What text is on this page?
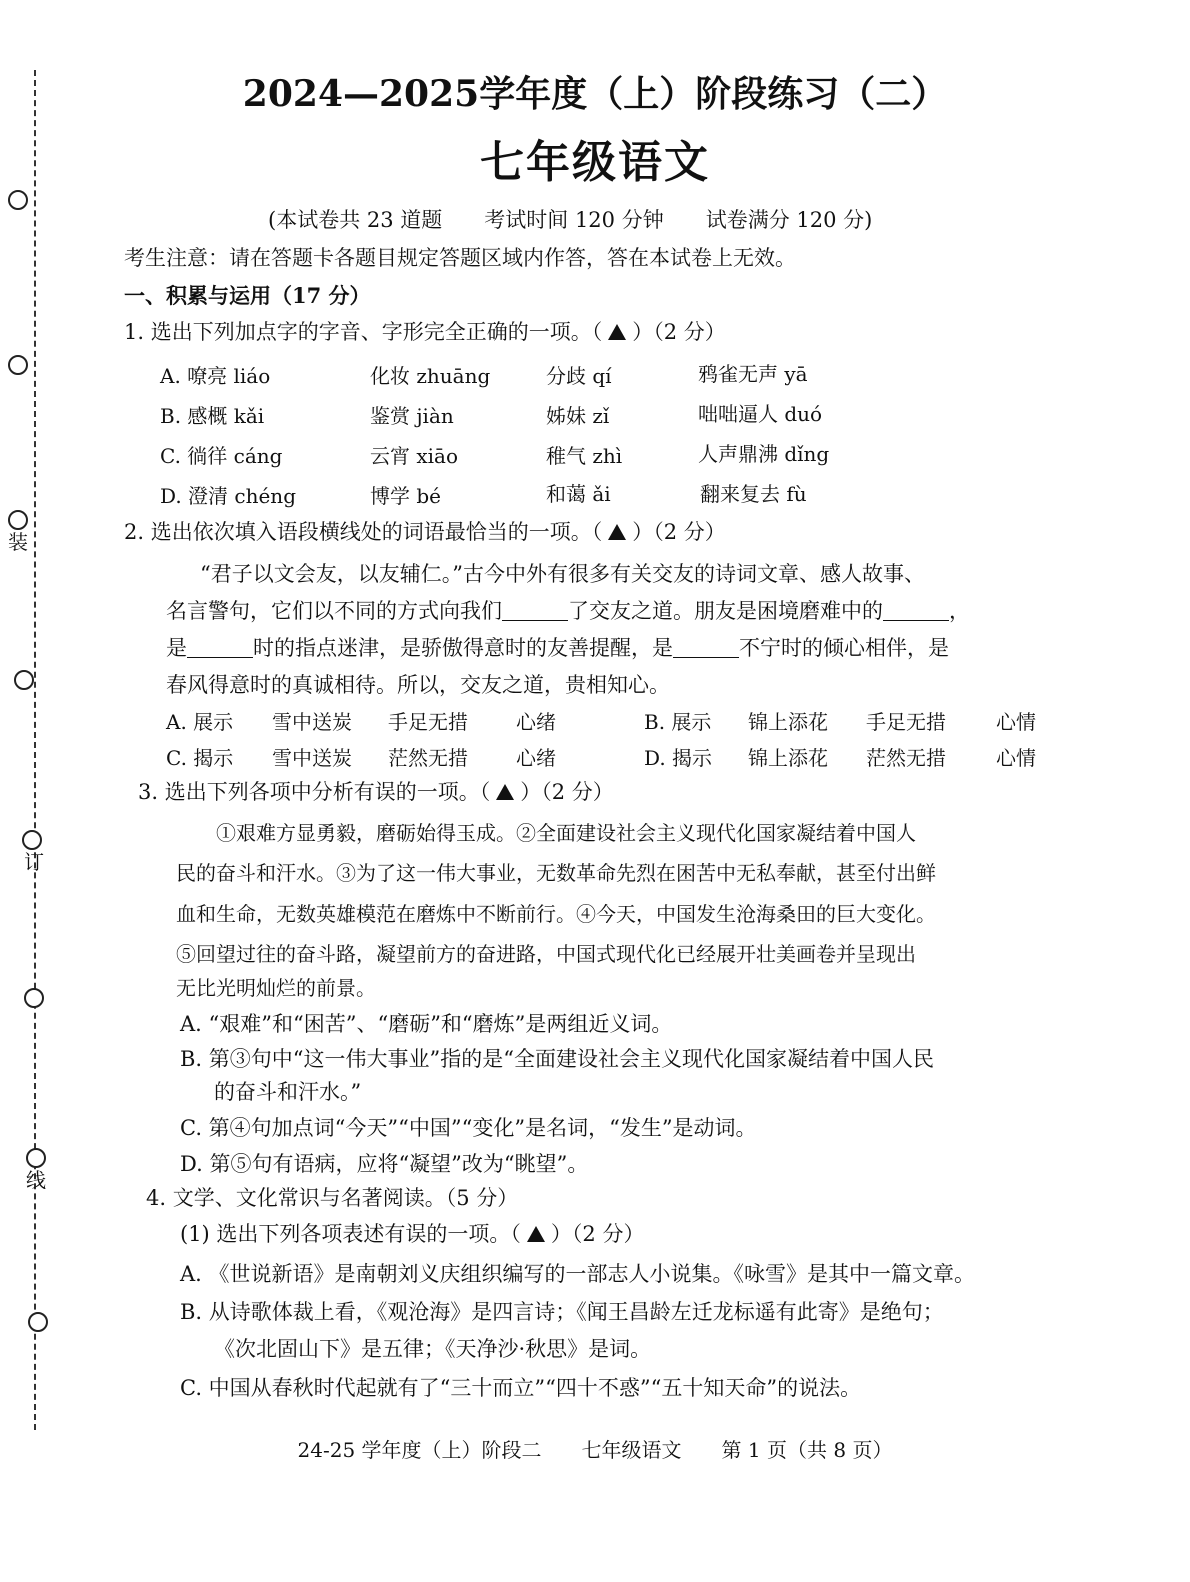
装
订
线
2024—2025学年度（上）阶段练习（二）
七年级语文
(本试卷共 23 道题　　考试时间 120 分钟　　试卷满分 120 分)
考生注意：请在答题卡各题目规定答题区域内作答，答在本试卷上无效。
一、积累与运用（17 分）
1. 选出下列加点字的字音、字形完全正确的一项。（ ）（2 分）
A. 嘹亮 liáo	化妆 zhuāng	分歧 qí	鸦雀无声 yā
B. 感概 kǎi	鉴赏 jiàn	姊妹 zǐ	咄咄逼人 duó
C. 徜徉 cáng	云宵 xiāo	稚气 zhì	人声鼎沸 dǐng
D. 澄清 chéng	博学 bé	和蔼 ǎi	翻来复去 fù
2. 选出依次填入语段横线处的词语最恰当的一项。（ ）（2 分）
“君子以文会友，以友辅仁。”古今中外有很多有关交友的诗词文章、感人故事、
名言警句，它们以不同的方式向我们	了交友之道。朋友是困境磨难中的	，
是	时的指点迷津，是骄傲得意时的友善提醒，是	不宁时的倾心相伴，是
春风得意时的真诚相待。所以，交友之道，贵相知心。
A. 展示 雪中送炭 手足无措 心绪	B. 展示 锦上添花 手足无措	心情
C. 揭示 雪中送炭 茫然无措 心绪	D. 揭示 锦上添花 茫然无措	心情
3. 选出下列各项中分析有误的一项。（ ）（2 分）
①艰难方显勇毅，磨砺始得玉成。②全面建设社会主义现代化国家凝结着中国人
民的奋斗和汗水。③为了这一伟大事业，无数革命先烈在困苦中无私奉献，甚至付出鲜
血和生命，无数英雄模范在磨炼中不断前行。④今天，中国发生沧海桑田的巨大变化。
⑤回望过往的奋斗路，凝望前方的奋进路，中国式现代化已经展开壮美画卷并呈现出
无比光明灿烂的前景。
A. “艰难”和“困苦”、“磨砺”和“磨炼”是两组近义词。
B. 第③句中“这一伟大事业”指的是“全面建设社会主义现代化国家凝结着中国人民
的奋斗和汗水。”
C. 第④句加点词“今天”“中国”“变化”是名词，“发生”是动词。
D. 第⑤句有语病，应将“凝望”改为“眺望”。
4. 文学、文化常识与名著阅读。（5 分）
(1) 选出下列各项表述有误的一项。（ ）（2 分）
A. 《世说新语》是南朝刘义庆组织编写的一部志人小说集。《咏雪》是其中一篇文章。
B. 从诗歌体裁上看，《观沧海》是四言诗；《闻王昌龄左迁龙标遥有此寄》是绝句；
《次北固山下》是五律；《天净沙·秋思》是词。
C. 中国从春秋时代起就有了“三十而立”“四十不惑”“五十知天命”的说法。
24-25 学年度（上）阶段二　　七年级语文　　第 1 页（共 8 页）
